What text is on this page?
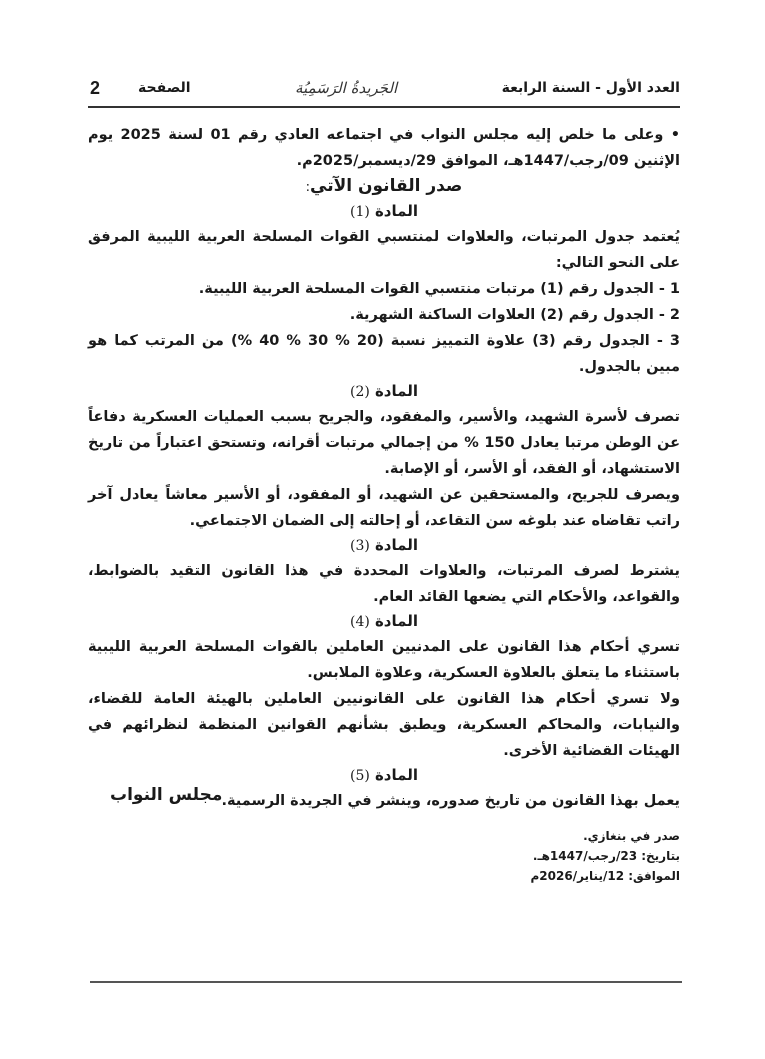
العدد الأول - السنة الرابعة
الجَريدةُ الرَسَمِيُة
الصفحة
2

• وعلى ما خلص إليه مجلس النواب في اجتماعه العادي رقم 01 لسنة 2025 يوم الإثنين 09/رجب/1447هـ، الموافق 29/ديسمبر/2025م.

صدر القانون الآتي:

المادة (1)

يُعتمد جدول المرتبات، والعلاوات لمنتسبي القوات المسلحة العربية الليبية المرفق على النحو التالي:

1 - الجدول رقم (1) مرتبات منتسبي القوات المسلحة العربية الليبية.

2 - الجدول رقم (2) العلاوات الساكنة الشهرية.

3 - الجدول رقم (3) علاوة التمييز نسبة (20 % 30 % 40 %) من المرتب كما هو مبين بالجدول.

المادة (2)

تصرف لأسرة الشهيد، والأسير، والمفقود، والجريح بسبب العمليات العسكرية دفاعاً عن الوطن مرتبا يعادل 150 % من إجمالي مرتبات أقرانه، وتستحق اعتباراً من تاريخ الاستشهاد، أو الفقد، أو الأسر، أو الإصابة.

ويصرف للجريح، والمستحقين عن الشهيد، أو المفقود، أو الأسير معاشاً يعادل آخر راتب تقاضاه عند بلوغه سن التقاعد، أو إحالته إلى الضمان الاجتماعي.

المادة (3)

يشترط لصرف المرتبات، والعلاوات المحددة في هذا القانون التقيد بالضوابط، والقواعد، والأحكام التي يضعها القائد العام.

المادة (4)

تسري أحكام هذا القانون على المدنيين العاملين بالقوات المسلحة العربية الليبية باستثناء ما يتعلق بالعلاوة العسكرية، وعلاوة الملابس.

ولا تسري أحكام هذا القانون على القانونيين العاملين بالهيئة العامة للقضاء، والنيابات، والمحاكم العسكرية، ويطبق بشأنهم القوانين المنظمة لنظرائهم في الهيئات القضائية الأخرى.

المادة (5)

يعمل بهذا القانون من تاريخ صدوره، وينشر في الجريدة الرسمية.

مجلس النواب
صدر في بنغازي.
بتاريخ: 23/رجب/1447هـ.
الموافق: 12/يناير/2026م
